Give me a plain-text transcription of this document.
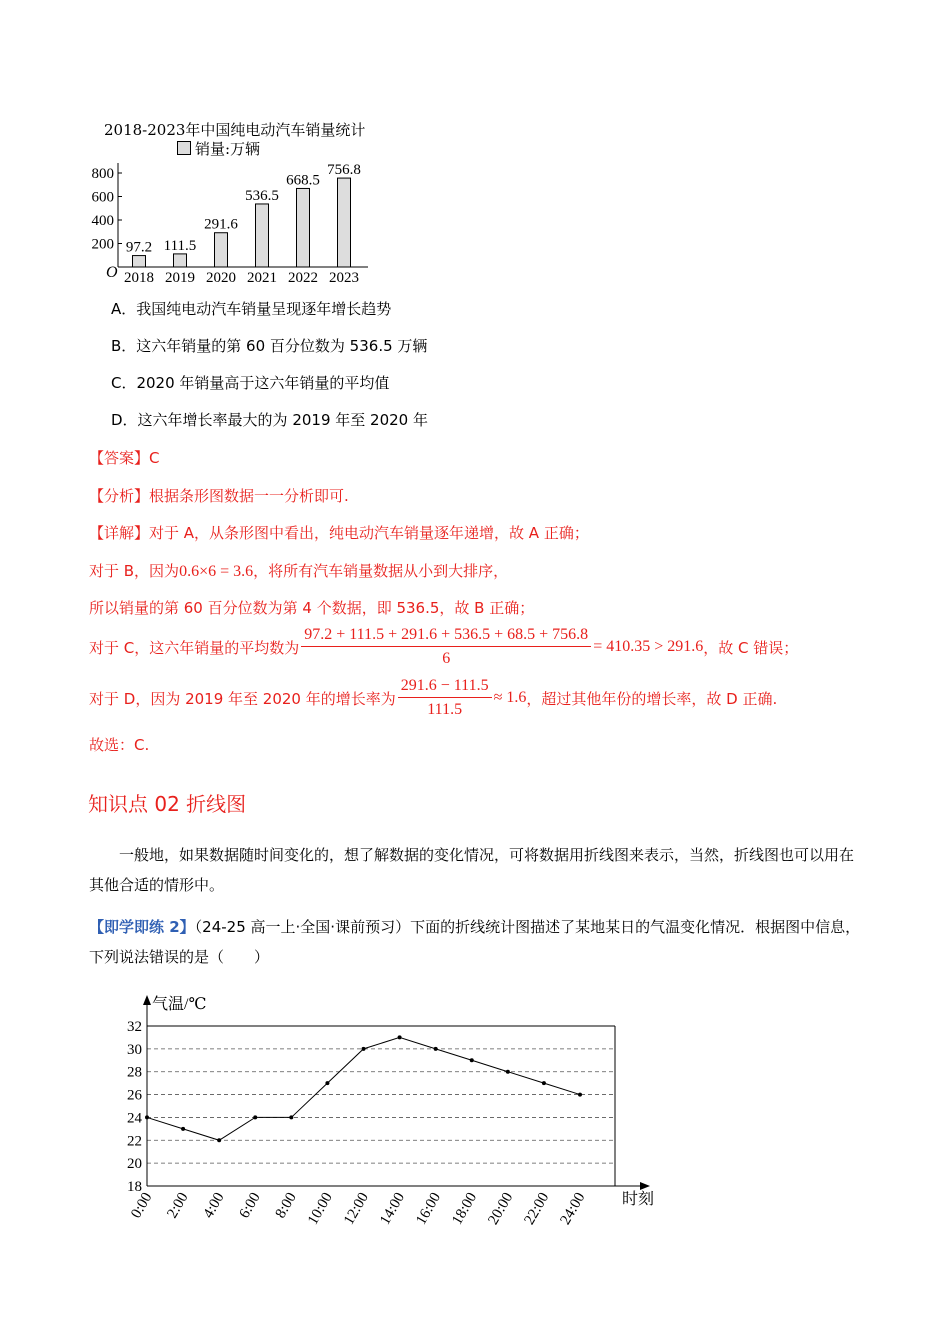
2018-2023年中国纯电动汽车销量统计
销量:万辆
200
400
600
800
O
97.2
2018
111.5
2019
291.6
2020
536.5
2021
668.5
2022
756.8
2023
A．我国纯电动汽车销量呈现逐年增长趋势
B．这六年销量的第 60 百分位数为 536.5 万辆
C．2020 年销量高于这六年销量的平均值
D．这六年增长率最大的为 2019 年至 2020 年
【答案】C
【分析】根据条形图数据一一分析即可.
【详解】对于 A，从条形图中看出，纯电动汽车销量逐年递增，故 A 正确；
对于 B，因为0.6×6 = 3.6，将所有汽车销量数据从小到大排序，
所以销量的第 60 百分位数为第 4 个数据，即 536.5，故 B 正确；
对于 C，这六年销量的平均数为 $\frac{97.2 + 111.5 + 291.6 + 536.5 + 68.5 + 756.8}{6} = 410.35 > 291.6$ ，故 C 错误；
对于 D，因为 2019 年至 2020 年的增长率为 $\frac{291.6 - 111.5}{111.5} \approx 1.6$ ，超过其他年份的增长率，故 D 正确.
故选：C.
知识点 02 折线图
一般地，如果数据随时间变化的，想了解数据的变化情况，可将数据用折线图来表示，当然，折线图也可以用在其他合适的情形中。
【即学即练 2】（24-25 高一上·全国·课前预习）下面的折线统计图描述了某地某日的气温变化情况．根据图中信息，下列说法错误的是（　　）
18
20
22
24
26
28
30
32
气温/℃
时刻
0:00 2:00 4:00 6:00 8:00 10:00 12:00 14:00 16:00 18:00 20:00 22:00 24:00
